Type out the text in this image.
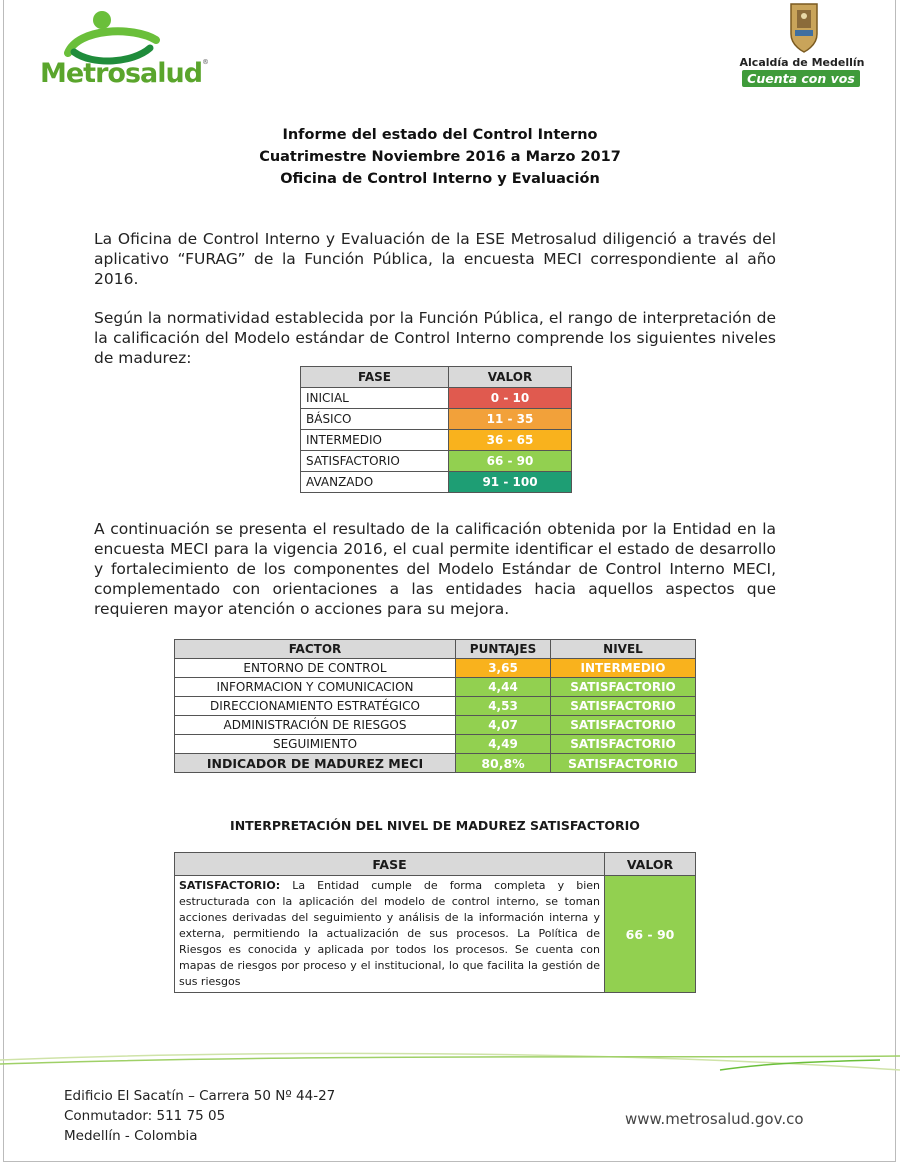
Metrosalud®	Alcaldía de Medellín
Cuenta con vos
Informe del estado del Control Interno
Cuatrimestre Noviembre 2016 a Marzo 2017
Oficina de Control Interno y Evaluación
La Oficina de Control Interno y Evaluación de la ESE Metrosalud diligenció a través del aplicativo “FURAG” de la Función Pública, la encuesta MECI correspondiente al año 2016.
Según la normatividad establecida por la Función Pública, el rango de interpretación de la calificación del Modelo estándar de Control Interno comprende los siguientes niveles de madurez:
FASE	VALOR
INICIAL	0 - 10
BÁSICO	11 - 35
INTERMEDIO	36 - 65
SATISFACTORIO	66 - 90
AVANZADO	91 - 100
A continuación se presenta el resultado de la calificación obtenida por la Entidad en la encuesta MECI para la vigencia 2016, el cual permite identificar el estado de desarrollo y fortalecimiento de los componentes del Modelo Estándar de Control Interno MECI, complementado con orientaciones a las entidades hacia aquellos aspectos que requieren mayor atención o acciones para su mejora.
FACTOR	PUNTAJES	NIVEL
ENTORNO DE CONTROL	3,65	INTERMEDIO
INFORMACION Y COMUNICACION	4,44	SATISFACTORIO
DIRECCIONAMIENTO ESTRATÉGICO	4,53	SATISFACTORIO
ADMINISTRACIÓN DE RIESGOS	4,07	SATISFACTORIO
SEGUIMIENTO	4,49	SATISFACTORIO
INDICADOR DE MADUREZ MECI	80,8%	SATISFACTORIO
INTERPRETACIÓN DEL NIVEL DE MADUREZ SATISFACTORIO
FASE	VALOR
SATISFACTORIO: La Entidad cumple de forma completa y bien estructurada con la aplicación del modelo de control interno, se toman acciones derivadas del seguimiento y análisis de la información interna y externa, permitiendo la actualización de sus procesos. La Política de Riesgos es conocida y aplicada por todos los procesos. Se cuenta con mapas de riesgos por proceso y el institucional, lo que facilita la gestión de sus riesgos	66 - 90
Edificio El Sacatín – Carrera 50 Nº 44-27
Conmutador: 511 75 05
Medellín - Colombia
www.metrosalud.gov.co
